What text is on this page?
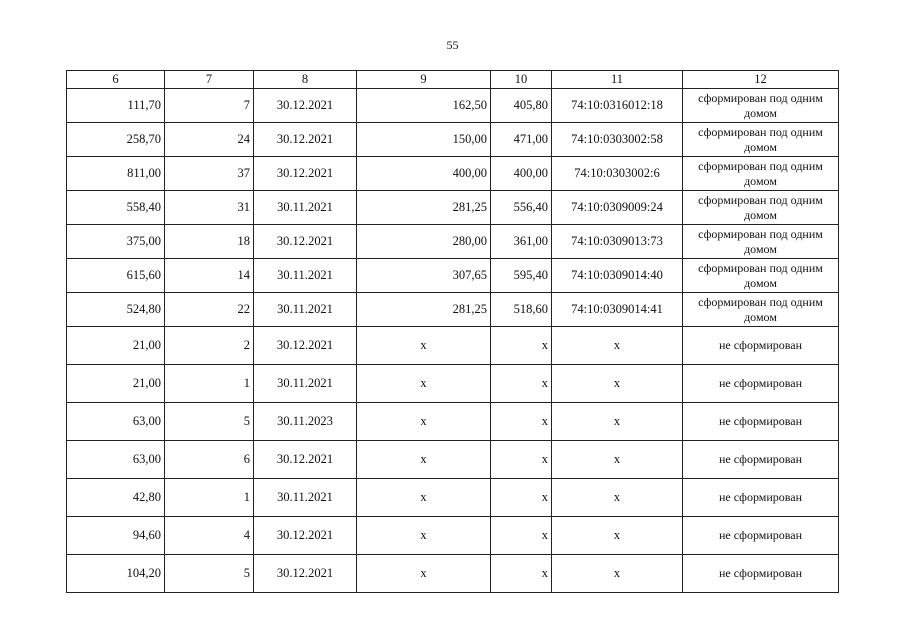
55
6	7	8	9	10	11	12
111,70	7	30.12.2021	162,50	405,80	74:10:0316012:18	сформирован под одним домом
258,70	24	30.12.2021	150,00	471,00	74:10:0303002:58	сформирован под одним домом
811,00	37	30.12.2021	400,00	400,00	74:10:0303002:6	сформирован под одним домом
558,40	31	30.11.2021	281,25	556,40	74:10:0309009:24	сформирован под одним домом
375,00	18	30.12.2021	280,00	361,00	74:10:0309013:73	сформирован под одним домом
615,60	14	30.11.2021	307,65	595,40	74:10:0309014:40	сформирован под одним домом
524,80	22	30.11.2021	281,25	518,60	74:10:0309014:41	сформирован под одним домом
21,00	2	30.12.2021	х	х	х	не сформирован
21,00	1	30.11.2021	х	х	х	не сформирован
63,00	5	30.11.2023	х	х	х	не сформирован
63,00	6	30.12.2021	х	х	х	не сформирован
42,80	1	30.11.2021	х	х	х	не сформирован
94,60	4	30.12.2021	х	х	х	не сформирован
104,20	5	30.12.2021	х	х	х	не сформирован
